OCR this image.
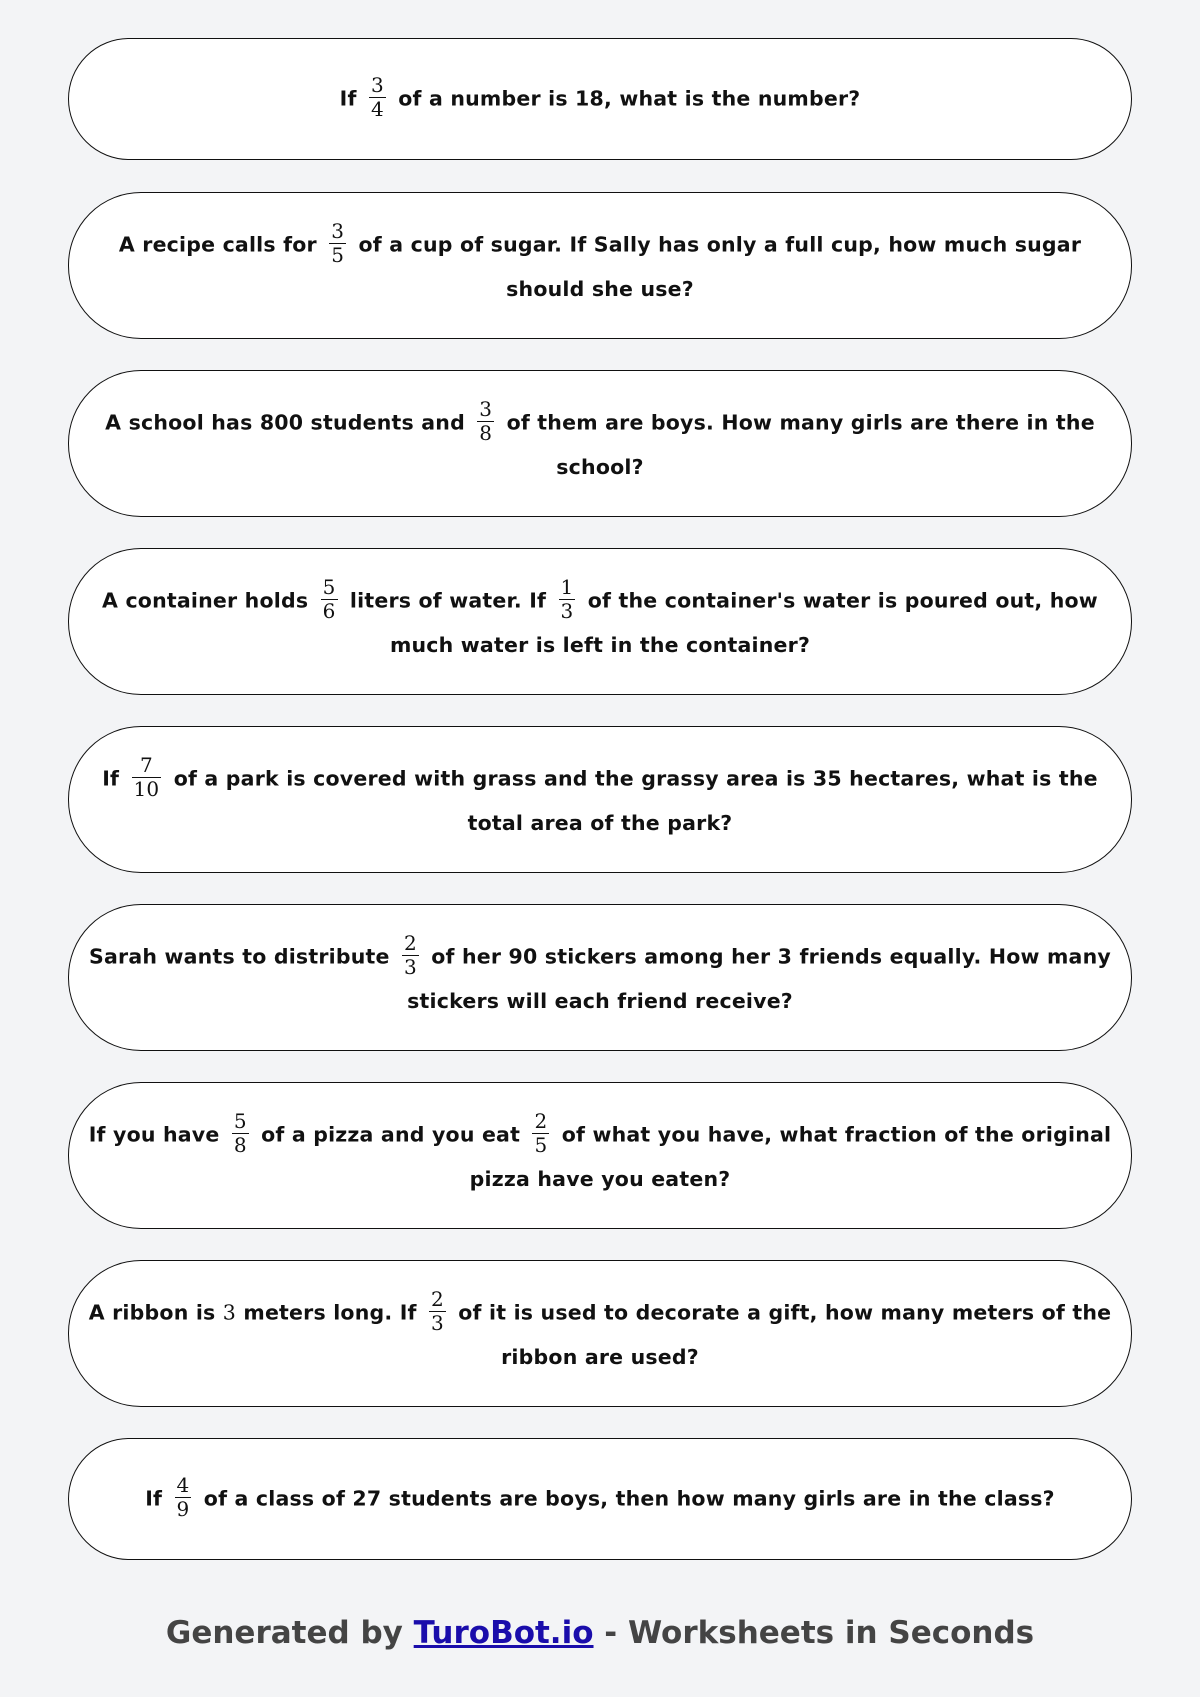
If $\frac{3}{4}$ of a number is 18, what is the number?
A recipe calls for $\frac{3}{5}$ of a cup of sugar. If Sally has only a full cup, how much sugar should she use?
A school has 800 students and $\frac{3}{8}$ of them are boys. How many girls are there in the school?
A container holds $\frac{5}{6}$ liters of water. If $\frac{1}{3}$ of the container's water is poured out, how much water is left in the container?
If $\frac{7}{10}$ of a park is covered with grass and the grassy area is 35 hectares, what is the total area of the park?
Sarah wants to distribute $\frac{2}{3}$ of her 90 stickers among her 3 friends equally. How many stickers will each friend receive?
If you have $\frac{5}{8}$ of a pizza and you eat $\frac{2}{5}$ of what you have, what fraction of the original pizza have you eaten?
A ribbon is 3 meters long. If $\frac{2}{3}$ of it is used to decorate a gift, how many meters of the ribbon are used?
If $\frac{4}{9}$ of a class of 27 students are boys, then how many girls are in the class?
Generated by TuroBot.io - Worksheets in Seconds
